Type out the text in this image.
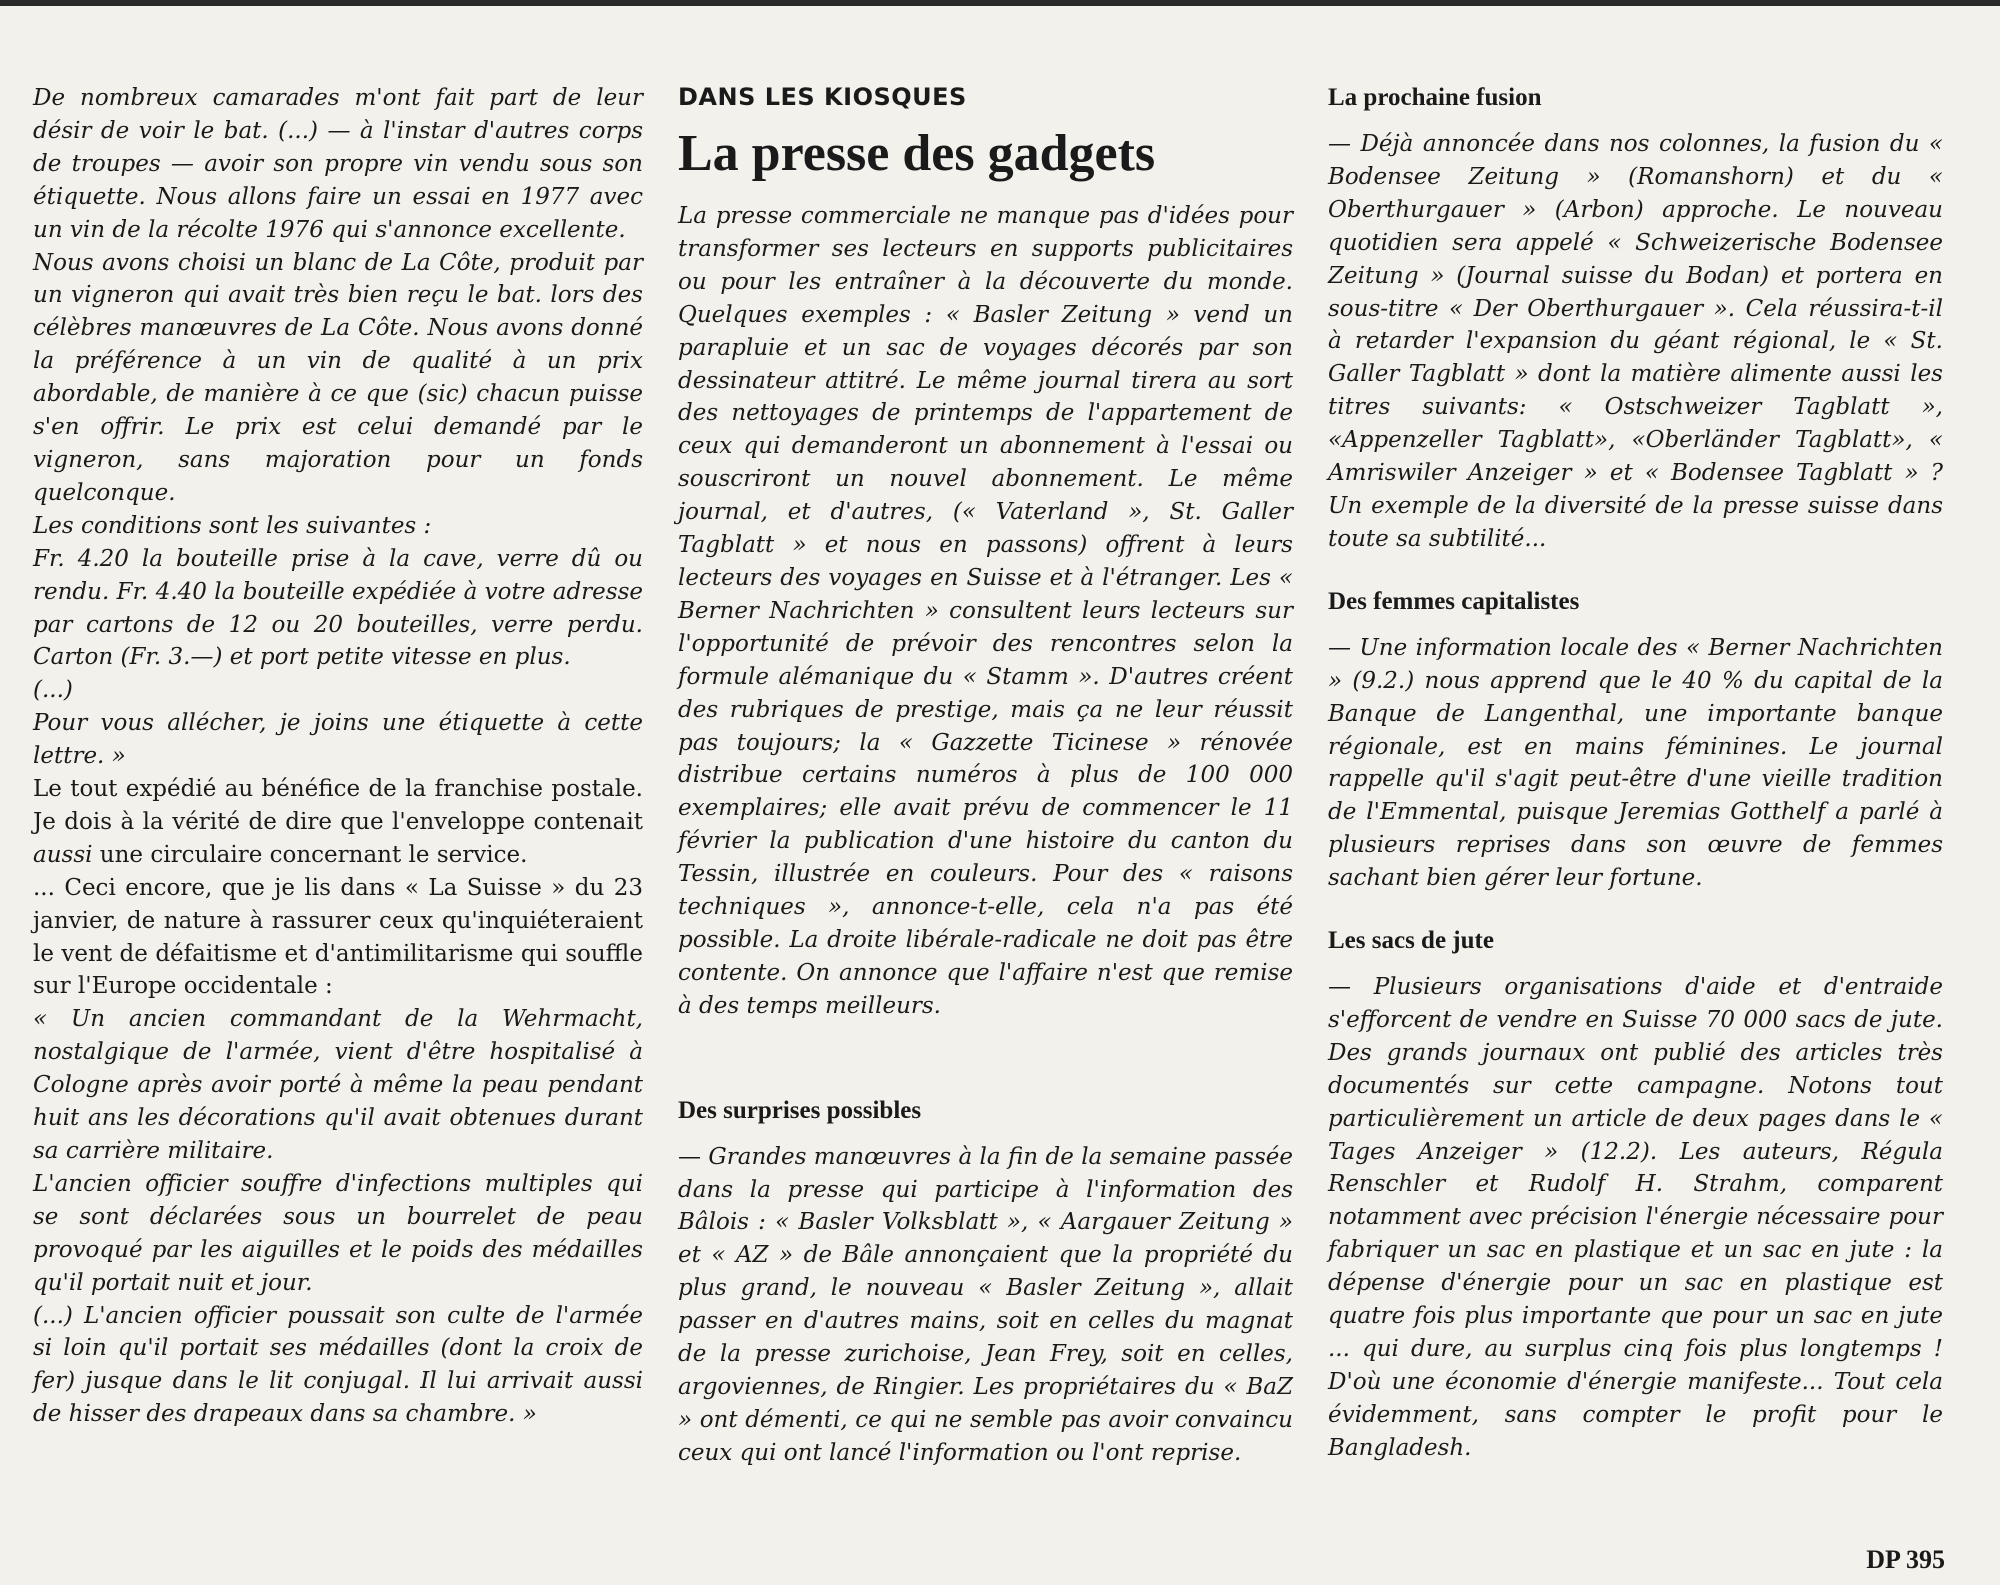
De nombreux camarades m'ont fait part de leur désir de voir le bat. (...) — à l'instar d'autres corps de troupes — avoir son propre vin vendu sous son étiquette. Nous allons faire un essai en 1977 avec un vin de la récolte 1976 qui s'annonce excellente.

Nous avons choisi un blanc de La Côte, produit par un vigneron qui avait très bien reçu le bat. lors des célèbres manœuvres de La Côte. Nous avons donné la préférence à un vin de qualité à un prix abordable, de manière à ce que (sic) chacun puisse s'en offrir. Le prix est celui demandé par le vigneron, sans majoration pour un fonds quelconque.

Les conditions sont les suivantes :

Fr. 4.20 la bouteille prise à la cave, verre dû ou rendu. Fr. 4.40 la bouteille expédiée à votre adresse par cartons de 12 ou 20 bouteilles, verre perdu. Carton (Fr. 3.—) et port petite vitesse en plus.

(...)

Pour vous allécher, je joins une étiquette à cette lettre. »

Le tout expédié au bénéfice de la franchise postale. Je dois à la vérité de dire que l'enveloppe contenait aussi une circulaire concernant le service.

... Ceci encore, que je lis dans « La Suisse » du 23 janvier, de nature à rassurer ceux qu'inquiéteraient le vent de défaitisme et d'antimilitarisme qui souffle sur l'Europe occidentale :

« Un ancien commandant de la Wehrmacht, nostalgique de l'armée, vient d'être hospitalisé à Cologne après avoir porté à même la peau pendant huit ans les décorations qu'il avait obtenues durant sa carrière militaire.

L'ancien officier souffre d'infections multiples qui se sont déclarées sous un bourrelet de peau provoqué par les aiguilles et le poids des médailles qu'il portait nuit et jour.

(...) L'ancien officier poussait son culte de l'armée si loin qu'il portait ses médailles (dont la croix de fer) jusque dans le lit conjugal. Il lui arrivait aussi de hisser des drapeaux dans sa chambre. »

DANS LES KIOSQUES
La presse des gadgets

La presse commerciale ne manque pas d'idées pour transformer ses lecteurs en supports publicitaires ou pour les entraîner à la découverte du monde. Quelques exemples : « Basler Zeitung » vend un parapluie et un sac de voyages décorés par son dessinateur attitré. Le même journal tirera au sort des nettoyages de printemps de l'appartement de ceux qui demanderont un abonnement à l'essai ou souscriront un nouvel abonnement. Le même journal, et d'autres, (« Vaterland », St. Galler Tagblatt » et nous en passons) offrent à leurs lecteurs des voyages en Suisse et à l'étranger. Les « Berner Nachrichten » consultent leurs lecteurs sur l'opportunité de prévoir des rencontres selon la formule alémanique du « Stamm ». D'autres créent des rubriques de prestige, mais ça ne leur réussit pas toujours; la « Gazzette Ticinese » rénovée distribue certains numéros à plus de 100 000 exemplaires; elle avait prévu de commencer le 11 février la publication d'une histoire du canton du Tessin, illustrée en couleurs. Pour des « raisons techniques », annonce-t-elle, cela n'a pas été possible. La droite libérale-radicale ne doit pas être contente. On annonce que l'affaire n'est que remise à des temps meilleurs.

Des surprises possibles

— Grandes manœuvres à la fin de la semaine passée dans la presse qui participe à l'information des Bâlois : « Basler Volksblatt », « Aargauer Zeitung » et « AZ » de Bâle annonçaient que la propriété du plus grand, le nouveau « Basler Zeitung », allait passer en d'autres mains, soit en celles du magnat de la presse zurichoise, Jean Frey, soit en celles, argoviennes, de Ringier. Les propriétaires du « BaZ » ont démenti, ce qui ne semble pas avoir convaincu ceux qui ont lancé l'information ou l'ont reprise.

La prochaine fusion

— Déjà annoncée dans nos colonnes, la fusion du « Bodensee Zeitung » (Romanshorn) et du « Oberthurgauer » (Arbon) approche. Le nouveau quotidien sera appelé « Schweizerische Bodensee Zeitung » (Journal suisse du Bodan) et portera en sous-titre « Der Oberthurgauer ». Cela réussira-t-il à retarder l'expansion du géant régional, le « St. Galler Tagblatt » dont la matière alimente aussi les titres suivants: « Ostschweizer Tagblatt », «Appenzeller Tagblatt», «Oberländer Tagblatt», « Amriswiler Anzeiger » et « Bodensee Tagblatt » ? Un exemple de la diversité de la presse suisse dans toute sa subtilité...

Des femmes capitalistes

— Une information locale des « Berner Nachrichten » (9.2.) nous apprend que le 40 % du capital de la Banque de Langenthal, une importante banque régionale, est en mains féminines. Le journal rappelle qu'il s'agit peut-être d'une vieille tradition de l'Emmental, puisque Jeremias Gotthelf a parlé à plusieurs reprises dans son œuvre de femmes sachant bien gérer leur fortune.

Les sacs de jute

— Plusieurs organisations d'aide et d'entraide s'efforcent de vendre en Suisse 70 000 sacs de jute. Des grands journaux ont publié des articles très documentés sur cette campagne. Notons tout particulièrement un article de deux pages dans le « Tages Anzeiger » (12.2). Les auteurs, Régula Renschler et Rudolf H. Strahm, comparent notamment avec précision l'énergie nécessaire pour fabriquer un sac en plastique et un sac en jute : la dépense d'énergie pour un sac en plastique est quatre fois plus importante que pour un sac en jute ... qui dure, au surplus cinq fois plus longtemps ! D'où une économie d'énergie manifeste... Tout cela évidemment, sans compter le profit pour le Bangladesh.

DP 395
